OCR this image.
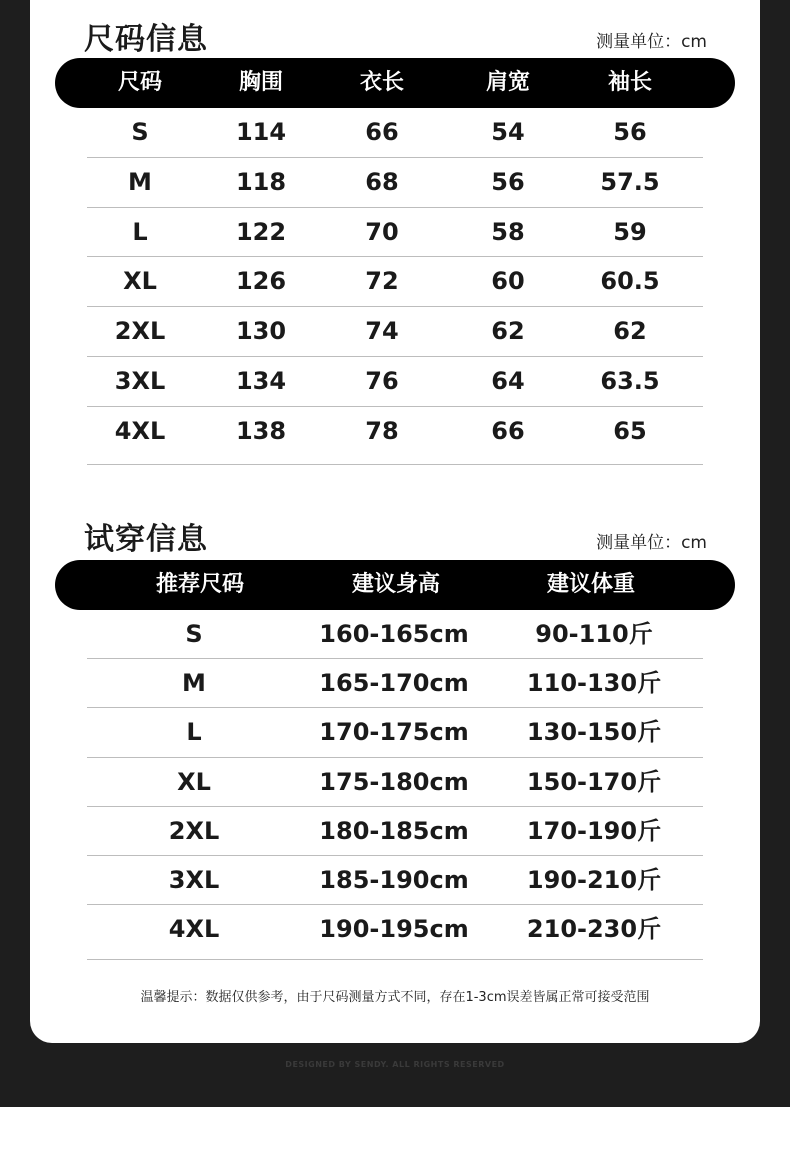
尺码信息	测量单位：cm
尺码	胸围	衣长	肩宽	袖长
S	114	66	54	56
M	118	68	56	57.5
L	122	70	58	59
XL	126	72	60	60.5
2XL	130	74	62	62
3XL	134	76	64	63.5
4XL	138	78	66	65
试穿信息	测量单位：cm
推荐尺码	建议身高	建议体重
S	160-165cm	90-110斤
M	165-170cm 110-130斤
L	170-175cm 130-150斤
XL	175-180cm 150-170斤
2XL	180-185cm 170-190斤
3XL	185-190cm 190-210斤
4XL	190-195cm 210-230斤
温馨提示：数据仅供参考，由于尺码测量方式不同，存在1-3cm误差皆属正常可接受范围
DESIGNED BY SENDY. ALL RIGHTS RESERVED
